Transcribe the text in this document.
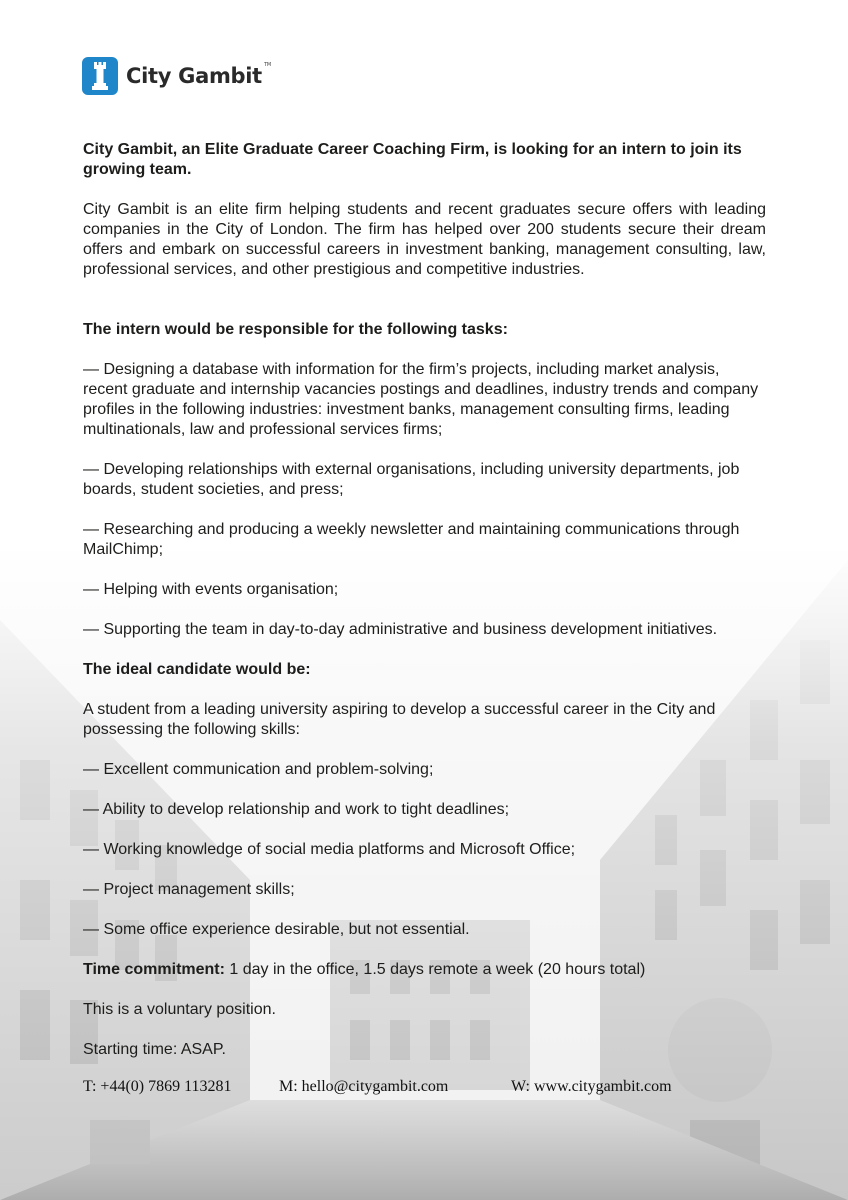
City Gambit TM

City Gambit, an Elite Graduate Career Coaching Firm, is looking for an intern to join its growing team.

City Gambit is an elite firm helping students and recent graduates secure offers with leading companies in the City of London. The firm has helped over 200 students secure their dream offers and embark on successful careers in investment banking, management consulting, law, professional services, and other prestigious and competitive industries.

The intern would be responsible for the following tasks:

— Designing a database with information for the firm’s projects, including market analysis, recent graduate and internship vacancies postings and deadlines, industry trends and company profiles in the following industries: investment banks, management consulting firms, leading multinationals, law and professional services firms;

— Developing relationships with external organisations, including university departments, job boards, student societies, and press;

— Researching and producing a weekly newsletter and maintaining communications through MailChimp;

— Helping with events organisation;

— Supporting the team in day-to-day administrative and business development initiatives.

The ideal candidate would be:

A student from a leading university aspiring to develop a successful career in the City and possessing the following skills:

— Excellent communication and problem-solving;

— Ability to develop relationship and work to tight deadlines;

— Working knowledge of social media platforms and Microsoft Office;

— Project management skills;

— Some office experience desirable, but not essential.

Time commitment: 1 day in the office, 1.5 days remote a week (20 hours total)

This is a voluntary position.

Starting time: ASAP.

T: +44(0) 7869 113281	M: hello@citygambit.com	W: www.citygambit.com
